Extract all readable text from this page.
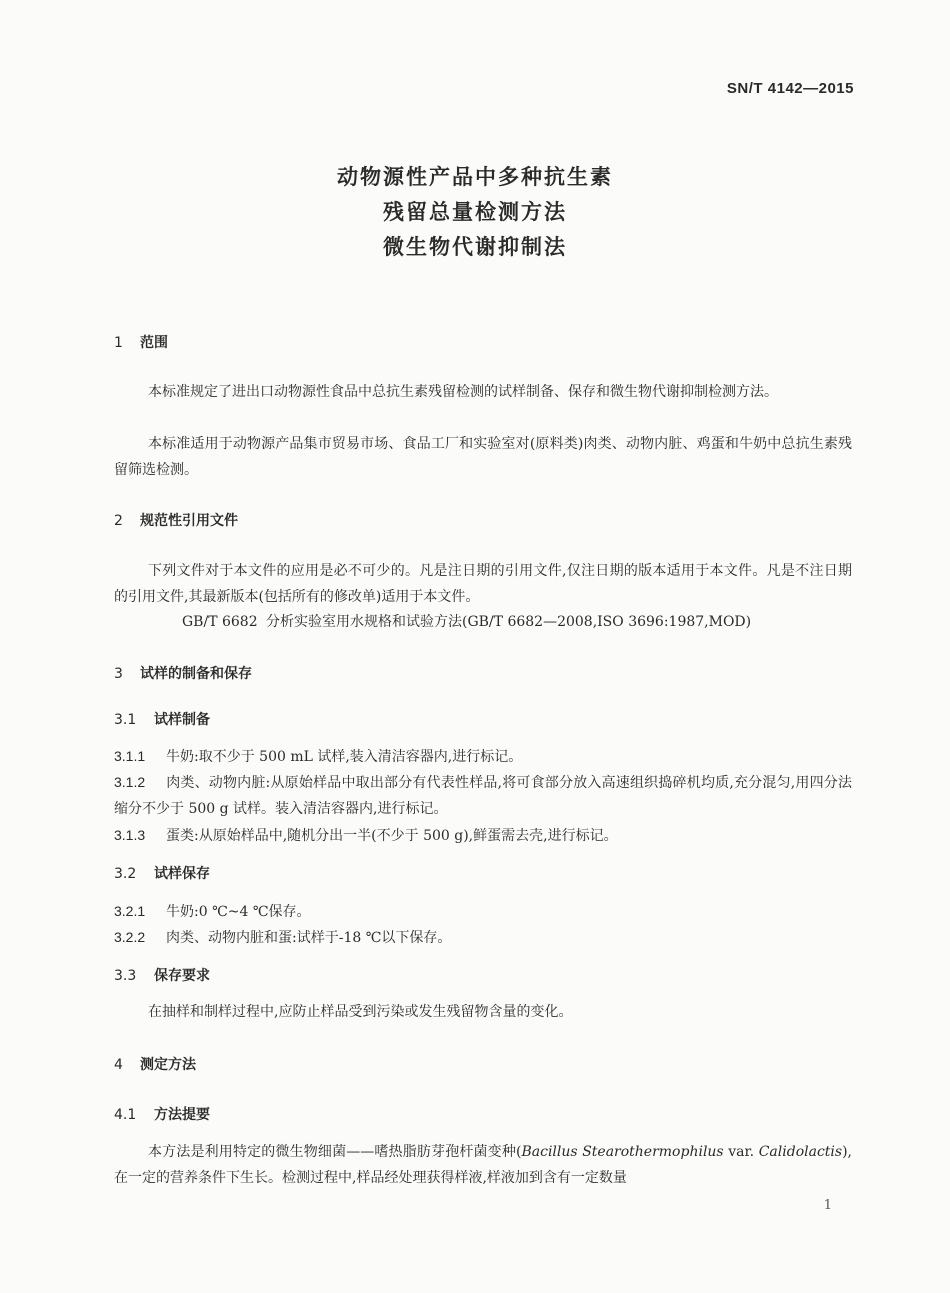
SN/T 4142—2015
动物源性产品中多种抗生素
残留总量检测方法
微生物代谢抑制法
1 范围
本标准规定了进出口动物源性食品中总抗生素残留检测的试样制备、保存和微生物代谢抑制检测方法。
本标准适用于动物源产品集市贸易市场、食品工厂和实验室对(原料类)肉类、动物内脏、鸡蛋和牛奶中总抗生素残留筛选检测。
2 规范性引用文件
下列文件对于本文件的应用是必不可少的。凡是注日期的引用文件,仅注日期的版本适用于本文件。凡是不注日期的引用文件,其最新版本(包括所有的修改单)适用于本文件。
GB/T 6682 分析实验室用水规格和试验方法(GB/T 6682—2008,ISO 3696:1987,MOD)
3 试样的制备和保存
3.1 试样制备
3.1.1 牛奶:取不少于 500 mL 试样,装入清洁容器内,进行标记。
3.1.2 肉类、动物内脏:从原始样品中取出部分有代表性样品,将可食部分放入高速组织捣碎机均质,充分混匀,用四分法缩分不少于 500 g 试样。装入清洁容器内,进行标记。
3.1.3 蛋类:从原始样品中,随机分出一半(不少于 500 g),鲜蛋需去壳,进行标记。
3.2 试样保存
3.2.1 牛奶:0 ℃~4 ℃保存。
3.2.2 肉类、动物内脏和蛋:试样于-18 ℃以下保存。
3.3 保存要求
在抽样和制样过程中,应防止样品受到污染或发生残留物含量的变化。
4 测定方法
4.1 方法提要
本方法是利用特定的微生物细菌——嗜热脂肪芽孢杆菌变种(Bacillus Stearothermophilus var. Calidolactis),在一定的营养条件下生长。检测过程中,样品经处理获得样液,样液加到含有一定数量
1
